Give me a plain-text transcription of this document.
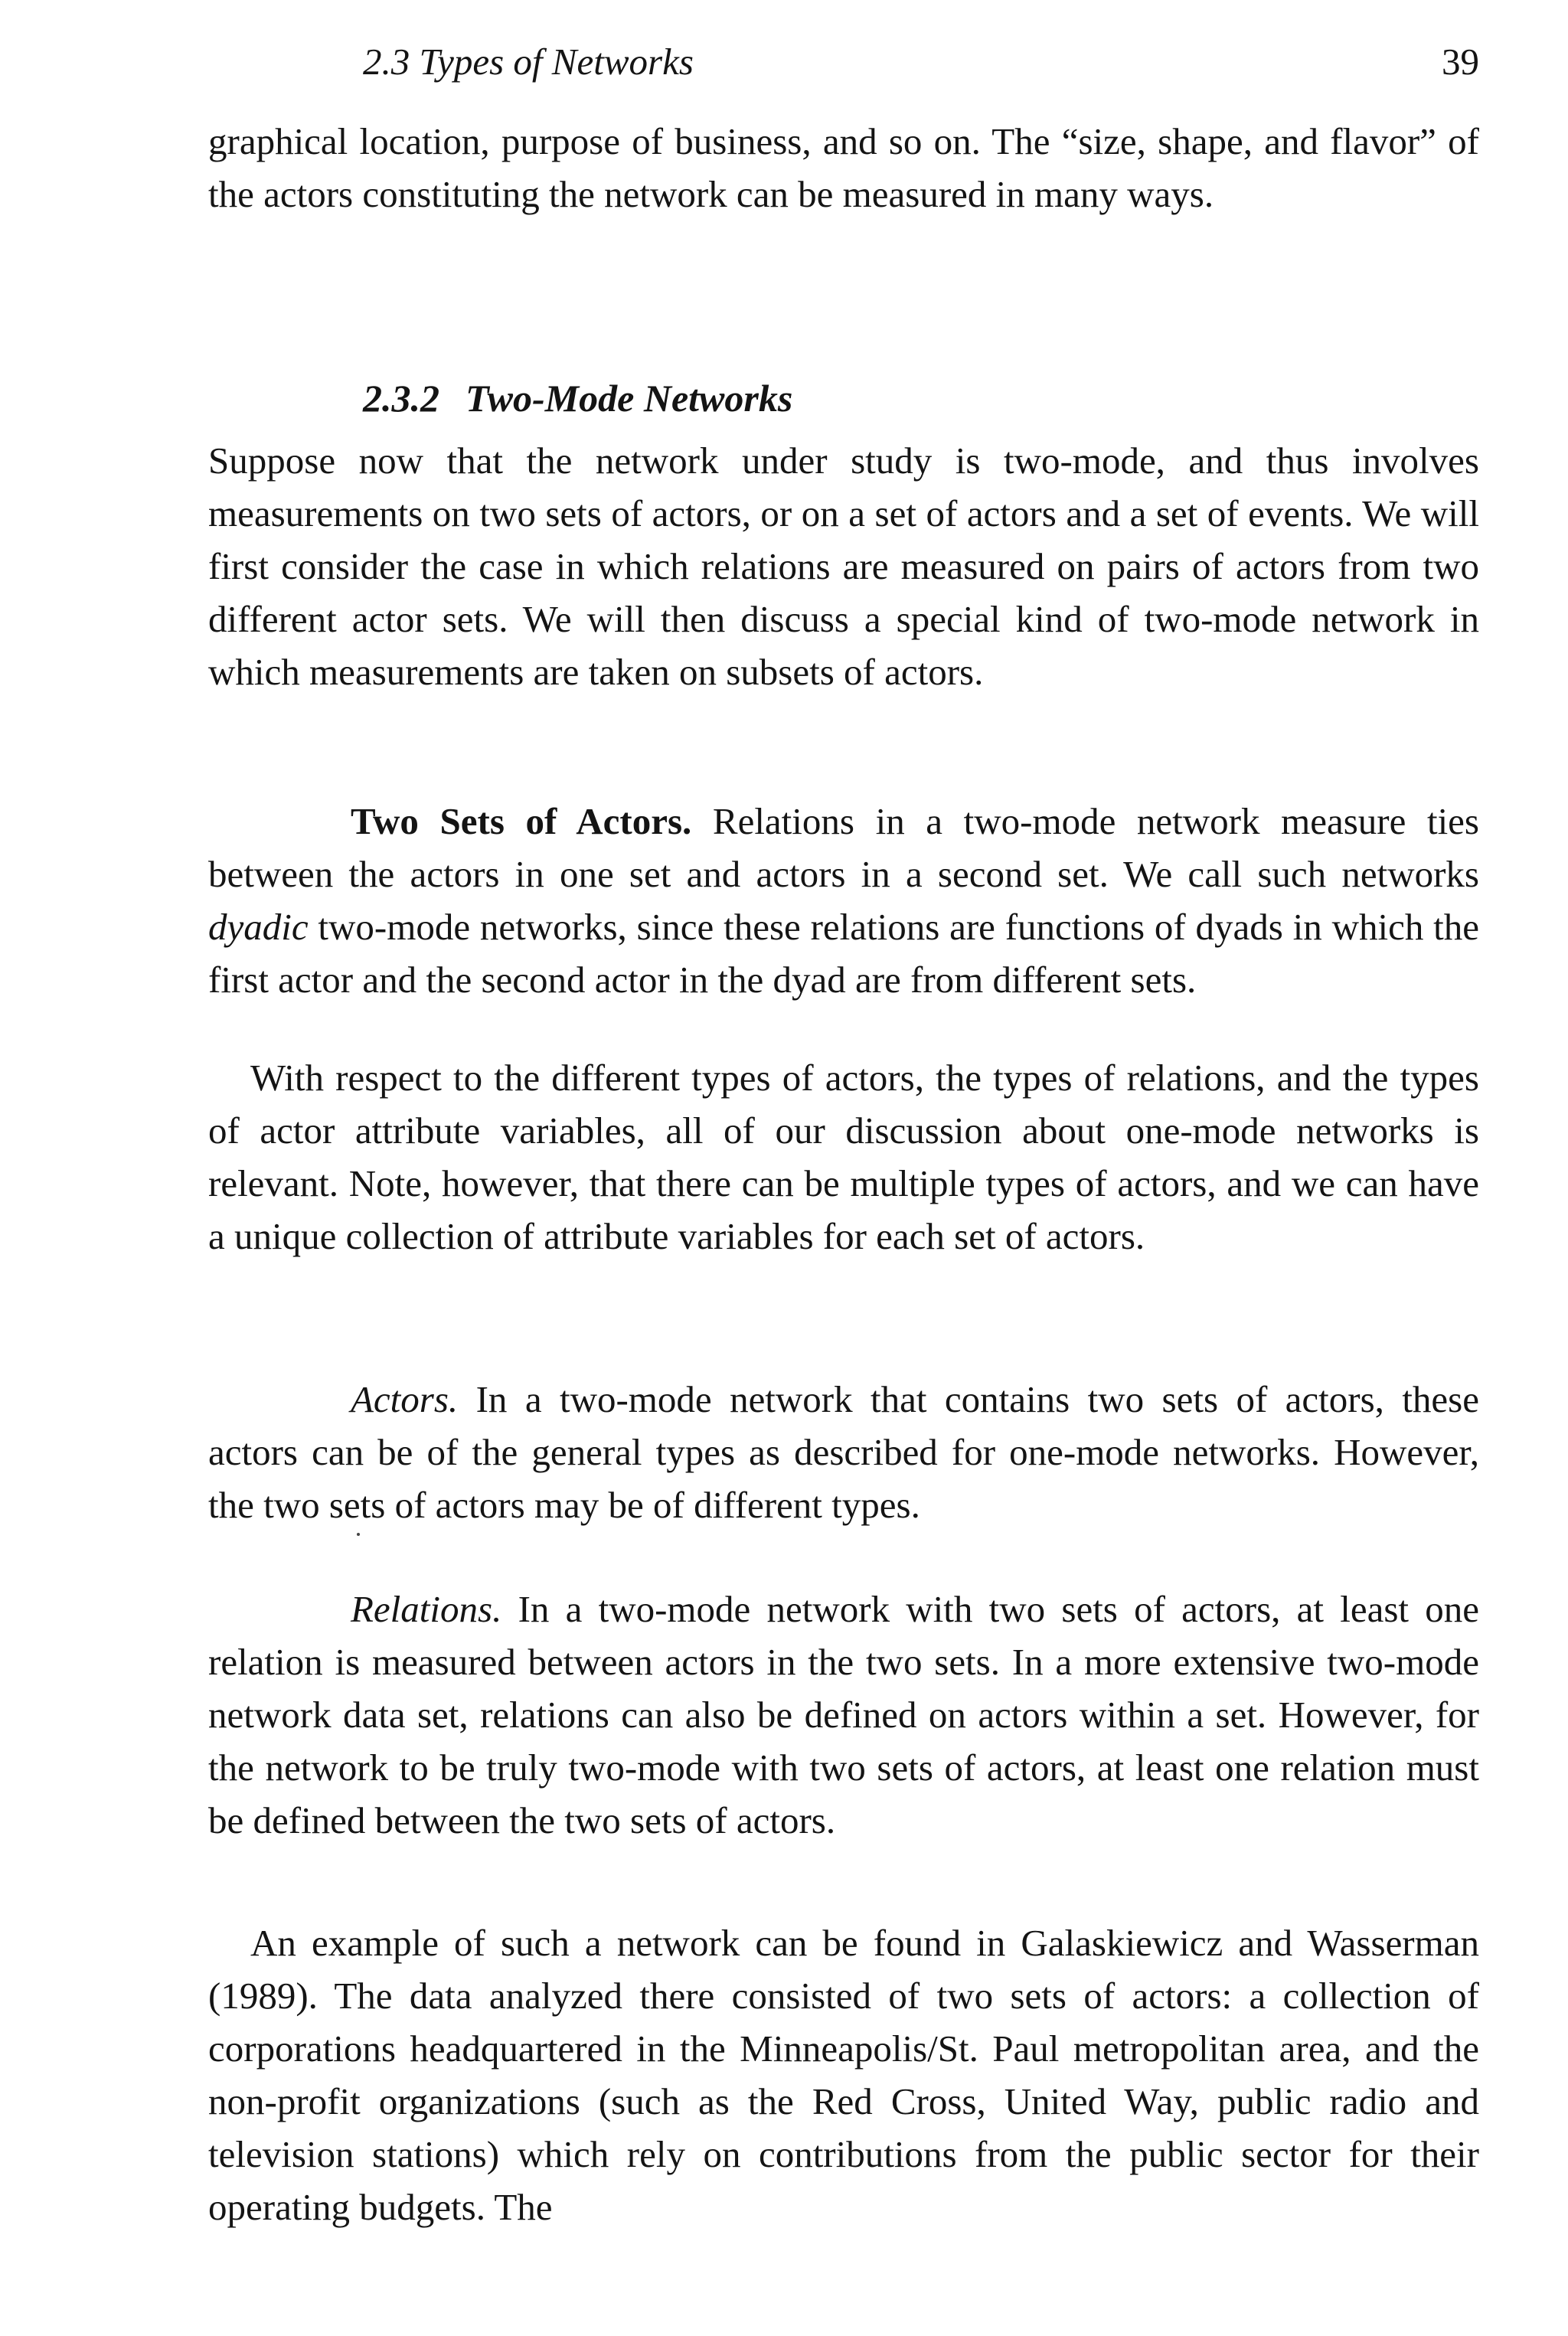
2.3 Types of Networks	39

graphical location, purpose of business, and so on. The “size, shape, and flavor” of the actors constituting the network can be measured in many ways.

2.3.2 Two-Mode Networks

Suppose now that the network under study is two-mode, and thus involves measurements on two sets of actors, or on a set of actors and a set of events. We will first consider the case in which relations are measured on pairs of actors from two different actor sets. We will then discuss a special kind of two-mode network in which measurements are taken on subsets of actors.

Two Sets of Actors. Relations in a two-mode network measure ties between the actors in one set and actors in a second set. We call such networks dyadic two-mode networks, since these relations are functions of dyads in which the first actor and the second actor in the dyad are from different sets.

With respect to the different types of actors, the types of relations, and the types of actor attribute variables, all of our discussion about one-mode networks is relevant. Note, however, that there can be multiple types of actors, and we can have a unique collection of attribute variables for each set of actors.

Actors. In a two-mode network that contains two sets of actors, these actors can be of the general types as described for one-mode networks. However, the two sets of actors may be of different types.

Relations. In a two-mode network with two sets of actors, at least one relation is measured between actors in the two sets. In a more extensive two-mode network data set, relations can also be defined on actors within a set. However, for the network to be truly two-mode with two sets of actors, at least one relation must be defined between the two sets of actors.

An example of such a network can be found in Galaskiewicz and Wasserman (1989). The data analyzed there consisted of two sets of actors: a collection of corporations headquartered in the Minneapolis/St. Paul metropolitan area, and the non-profit organizations (such as the Red Cross, United Way, public radio and television stations) which rely on contributions from the public sector for their operating budgets. The
